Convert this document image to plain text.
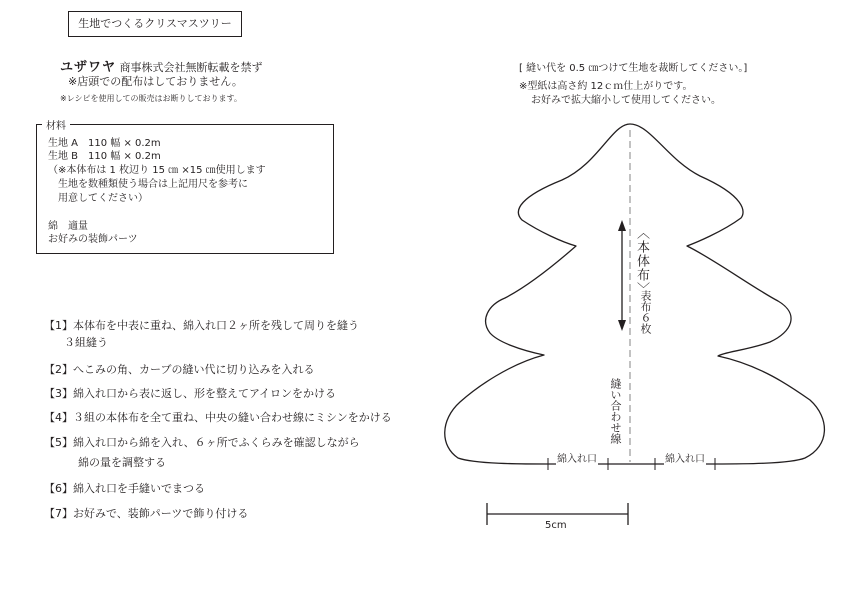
生地でつくるクリスマスツリー
ユザワヤ 商事株式会社無断転載を禁ず
※店頭での配布はしておりません。
※レシピを使用しての販売はお断りしております。
材料
生地 A　110 幅 × 0.2m
生地 B　110 幅 × 0.2m
（※本体布は 1 枚辺り 15 ㎝ ×15 ㎝使用します
　生地を数種類使う場合は上記用尺を参考に
　用意してください）
綿　適量
お好みの装飾パーツ
【1】本体布を中表に重ね、綿入れ口２ヶ所を残して周りを縫う
３組縫う
【2】へこみの角、カーブの縫い代に切り込みを入れる
【3】綿入れ口から表に返し、形を整えてアイロンをかける
【4】３組の本体布を全て重ね、中央の縫い合わせ線にミシンをかける
【5】綿入れ口から綿を入れ、６ヶ所でふくらみを確認しながら
綿の量を調整する
【6】綿入れ口を手縫いでまつる
【7】お好みで、装飾パーツで飾り付ける
[ 縫い代を 0.5 ㎝つけて生地を裁断してください。]
※型紙は高さ約 12ｃｍ仕上がりです。
お好みで拡大縮小して使用してください。
〈本体布〉
表布６枚
縫い合わせ線
綿入れ口	綿入れ口
5cm
